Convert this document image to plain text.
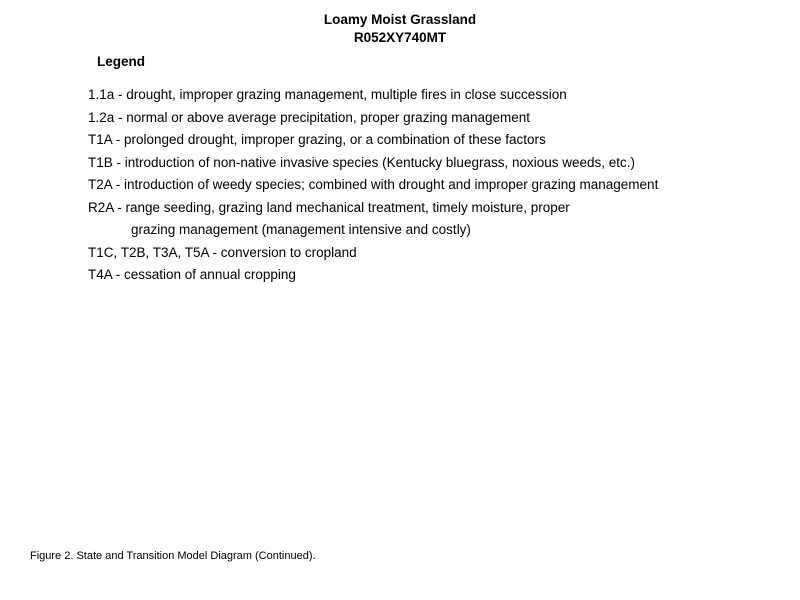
Loamy Moist Grassland
R052XY740MT
Legend
1.1a - drought, improper grazing management, multiple fires in close succession
1.2a - normal or above average precipitation, proper grazing management
T1A - prolonged drought, improper grazing, or a combination of these factors
T1B - introduction of non-native invasive species (Kentucky bluegrass, noxious weeds, etc.)
T2A - introduction of weedy species; combined with drought and improper grazing management
R2A - range seeding, grazing land mechanical treatment, timely moisture, proper
grazing management (management intensive and costly)
T1C, T2B, T3A, T5A - conversion to cropland
T4A - cessation of annual cropping
Figure 2. State and Transition Model Diagram (Continued).
